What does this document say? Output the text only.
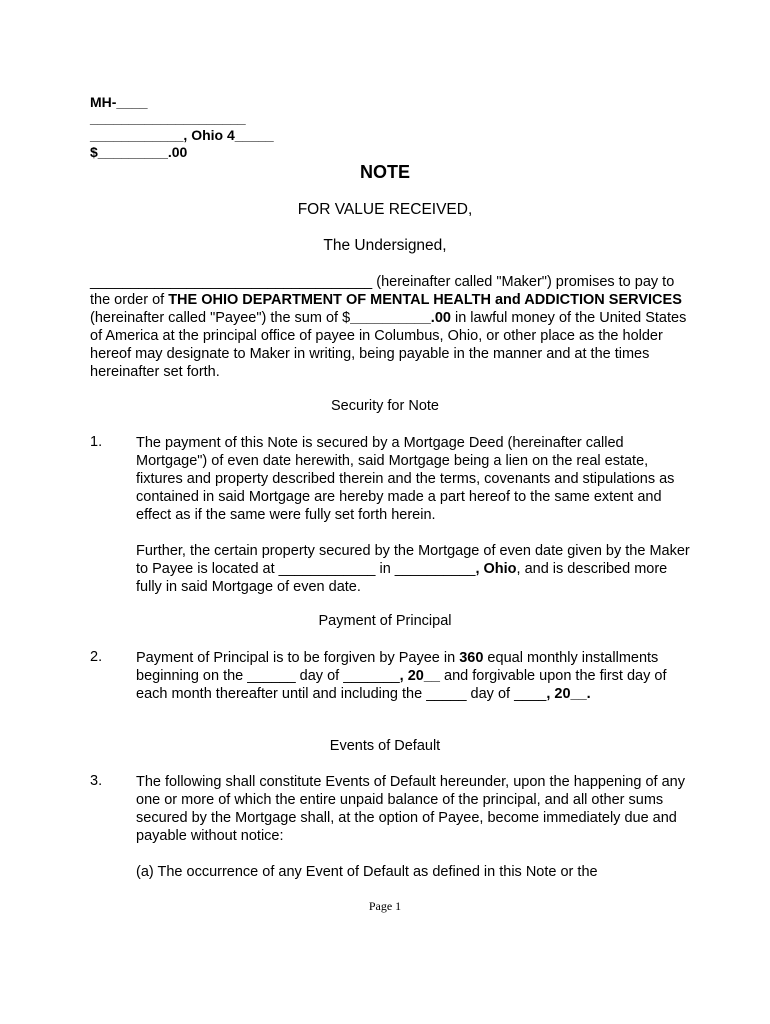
MH-____
____________________
____________, Ohio 4_____
$_________.00
NOTE
FOR VALUE RECEIVED,
The Undersigned,
___________________________________ (hereinafter called "Maker") promises to pay to the order of THE OHIO DEPARTMENT OF MENTAL HEALTH and ADDICTION SERVICES (hereinafter called "Payee") the sum of $__________.00 in lawful money of the United States of America at the principal office of payee in Columbus, Ohio, or other place as the holder hereof may designate to Maker in writing, being payable in the manner and at the times hereinafter set forth.
Security for Note
1. The payment of this Note is secured by a Mortgage Deed (hereinafter called Mortgage") of even date herewith, said Mortgage being a lien on the real estate, fixtures and property described therein and the terms, covenants and stipulations as contained in said Mortgage are hereby made a part hereof to the same extent and effect as if the same were fully set forth herein.
Further, the certain property secured by the Mortgage of even date given by the Maker to Payee is located at ____________ in __________, Ohio, and is described more fully in said Mortgage of even date.
Payment of Principal
2. Payment of Principal is to be forgiven by Payee in 360 equal monthly installments beginning on the ______ day of _______, 20__ and forgivable upon the first day of each month thereafter until and including the _____ day of ____, 20__.
Events of Default
3. The following shall constitute Events of Default hereunder, upon the happening of any one or more of which the entire unpaid balance of the principal, and all other sums secured by the Mortgage shall, at the option of Payee, become immediately due and payable without notice:
(a) The occurrence of any Event of Default as defined in this Note or the
Page 1
